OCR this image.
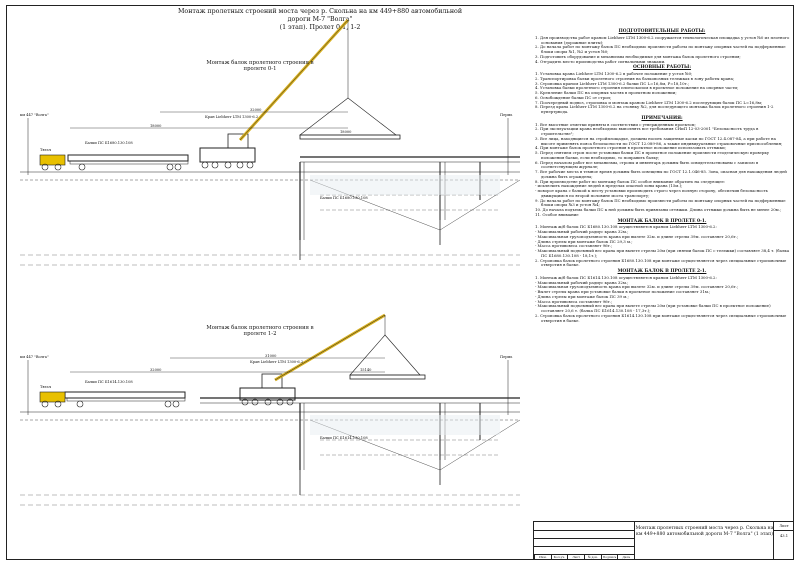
Монтаж пролетных строений моста через р. Скольна на км 449+880 автомобильной дороги М-7 "Волга"
(1 этап). Пролет 0-1, 1-2
Монтаж балок пролетного строения в пролете 0-1
Кран Liebherr LTM 1300-6.2
Балки ПС Б1680.130.108
Тягач
км 447 "Волга"	Пермь
18000
32000
18000
Балки ПС Б1680.130.108
Монтаж балок пролетного строения в пролете 1-2
Кран Liebherr LTM 1300-6.2
Балки ПС Б1614.130.108
Тягач
км 447 "Волга"	Пермь
32000
31000
15140
Балки ПС Б1614.130.108
ПОДГОТОВИТЕЛЬНЫЕ РАБОТЫ:
1. Для производства работ краном Liebherr LTM 1300-6.2 сооружается технологическая площадка у устоя №0 из плотного основания (дорожные плиты);
2. До начала работ по монтажу балок ПС необходимо произвести работы по монтажу опорных частей на подферменные блоки опоры №1, №2 и устоя №0;
3. Подготовить оборудование и механизмы необходимые для монтажа балок пролетного строения;
4. Отградить место производства работ сигнальными знаками.
ОСНОВНЫЕ РАБОТЫ:
1. Установка крана Liebherr LTM 1300-6.2 в рабочее положение у устоя №0;
2. Транспортировка балки пролетного строения на балковозных тележках в зону работы крана;
3. Строповка краном Liebherr LTM 1300-6.2 балки ПС L=16,8м, P=18,10т.;
4. Установка балки пролетного строения плитоскопом в проектное положение на опорные части;
5. Крепление балки ПС на опорных частях в проектном положении;
6. Освобождение балки ПС от строп;
7. Поочередный подвоз, строповка и монтаж краном Liebherr LTM 1300-6.2 последующих балок ПС L=16,8м;
8. Перезд крана Liebherr LTM 1300-6.2 на стоянку №2, для последующего монтажа балок пролетного строения 1-2 пупертрвода.
ПРИМЕЧАНИЯ:
1. Все высотные отметки приняты в соответствии с утвержденным проектом;
2. При эксплуатации крана необходимо выполнять все требования СНиП 12-03-2001 "Безопасность труда в строительстве";
3. Все лица, находящиеся на стройплощадке, должны носить защитные каски по ГОСТ 12.4.087-84, а при работе на высоте применять пояса безопасности по ГОСТ 12.089-86, а также индивидуальные страховочные приспособления;
4. При монтаже балок пролетного строения в проектное положение использовать оттяжки;
5. Перед снятием строп после установки балки ПС в проектное положение произвести геодезическую проверку положения балки, если необходимо, то поправить балку;
6. Перед началом работ все механизмы, стропы и инвентарь должны быть освидетельствованы с записью в соответствующем журнале;
7. Все рабочие места в темное время должны быть освещены по ГОСТ 12.1.046-85. Зона, опасная для нахождения людей должна быть ограждена;
8. При производстве работ по монтажу балок ПС особое внимание обратить на следующее:
- исключить нахождение людей в пределах опасной зоны крана (15м.);
- поворот крана с балкой к месту установки производить строго через полную сторону, обеспечив безопасность движущимся по второй половине моста транспорту;
9. До начала работ по монтажу балок ПС необходимо произвести работы по монтажу опорных частей на подферменные блоки опоры №3 и устоя №4;
10. До начала подъема балки ПС к ней должны быть привязаны оттяжки. Длина оттяжки должна быть не менее 20м.;
11. Особое внимание
МОНТАЖ БАЛОК В ПРОЛЕТЕ 0-1.
1. Монтаж ж/б балок ПС Б1680.130.108 осуществляется краном Liebherr LTM 1300-6.2:
- Максимальный рабочий радиус крана 32м.;
- Максимальная грузоподъемность крана при вылете 32м. и длине стрелы 39м. составляет 20,6т.;
- Длина стрелы при монтаже балок ПС 29,3 м.;
- Масса противовеса составляет 96т.;
- Максимальный подъемный вес крана при вылете стрелы 20м (при снятии балок ПС с тележки) составляет 38,4 т. (балка ПС Б1680.130.108 - 18,1т.);
2. Строповка балок пролетного строения Б1680.130.108 при монтаже осуществляется через специальные строповочные отверстия в балке.
МОНТАЖ БАЛОК В ПРОЛЕТЕ 2-1.
1. Монтаж ж/б балок ПС Б1614.130.108 осуществляется краном Liebherr LTM 1300-6.2:
- Максимальный рабочий радиус крана 32м.;
- Максимальная грузоподъемность крана при вылете 32м. и длине стрелы 39м. составляет 20,6т.;
- Вылет стрелы крана при установке балки в проектное положение составляет 31м.;
- Длина стрелы при монтаже балок ПС 39 м.;
- Масса противовеса составляет 96т.;
- Максимальный подъемный вес крана при вылете стрелы 20м (при установке балки ПС в проектное положение) составляет 20,6 т. (балка ПС Б1614.130.108 - 17,3т.);
2. Строповка балок пролетного строения Б1614.130.108 при монтаже осуществляется через специальные строповочные отверстия в балке.
Изм.	Кол.уч.	Лист	№ док.	Подпись	Дата
Монтаж пролетных строений моста через р. Скольна на км 449+880 автомобильной дороги М-7 "Волга" (1 этап)
Лист
43.1
